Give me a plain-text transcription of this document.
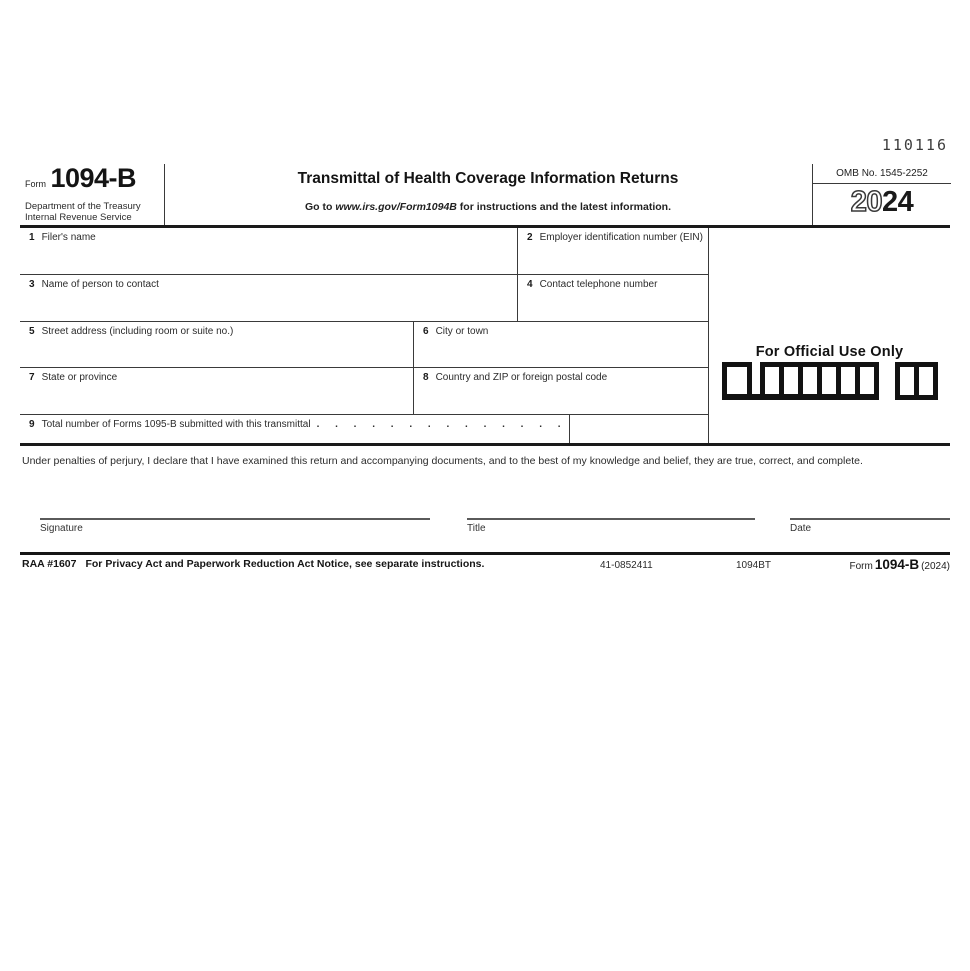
110116
Form 1094-B
Department of the Treasury
Internal Revenue Service
Transmittal of Health Coverage Information Returns
Go to www.irs.gov/Form1094B for instructions and the latest information.
OMB No. 1545-2252
2024
1 Filer's name	2 Employer identification number (EIN)
3 Name of person to contact	4 Contact telephone number
5 Street address (including room or suite no.)	6 City or town
7 State or province	8 Country and ZIP or foreign postal code
9 Total number of Forms 1095-B submitted with this transmittal . . . . . . . . . . . . . .
For Official Use Only
Under penalties of perjury, I declare that I have examined this return and accompanying documents, and to the best of my knowledge and belief, they are true, correct, and complete.
Signature	Title	Date
RAA #1607 For Privacy Act and Paperwork Reduction Act Notice, see separate instructions.	41-0852411	1094BT	Form 1094-B (2024)
